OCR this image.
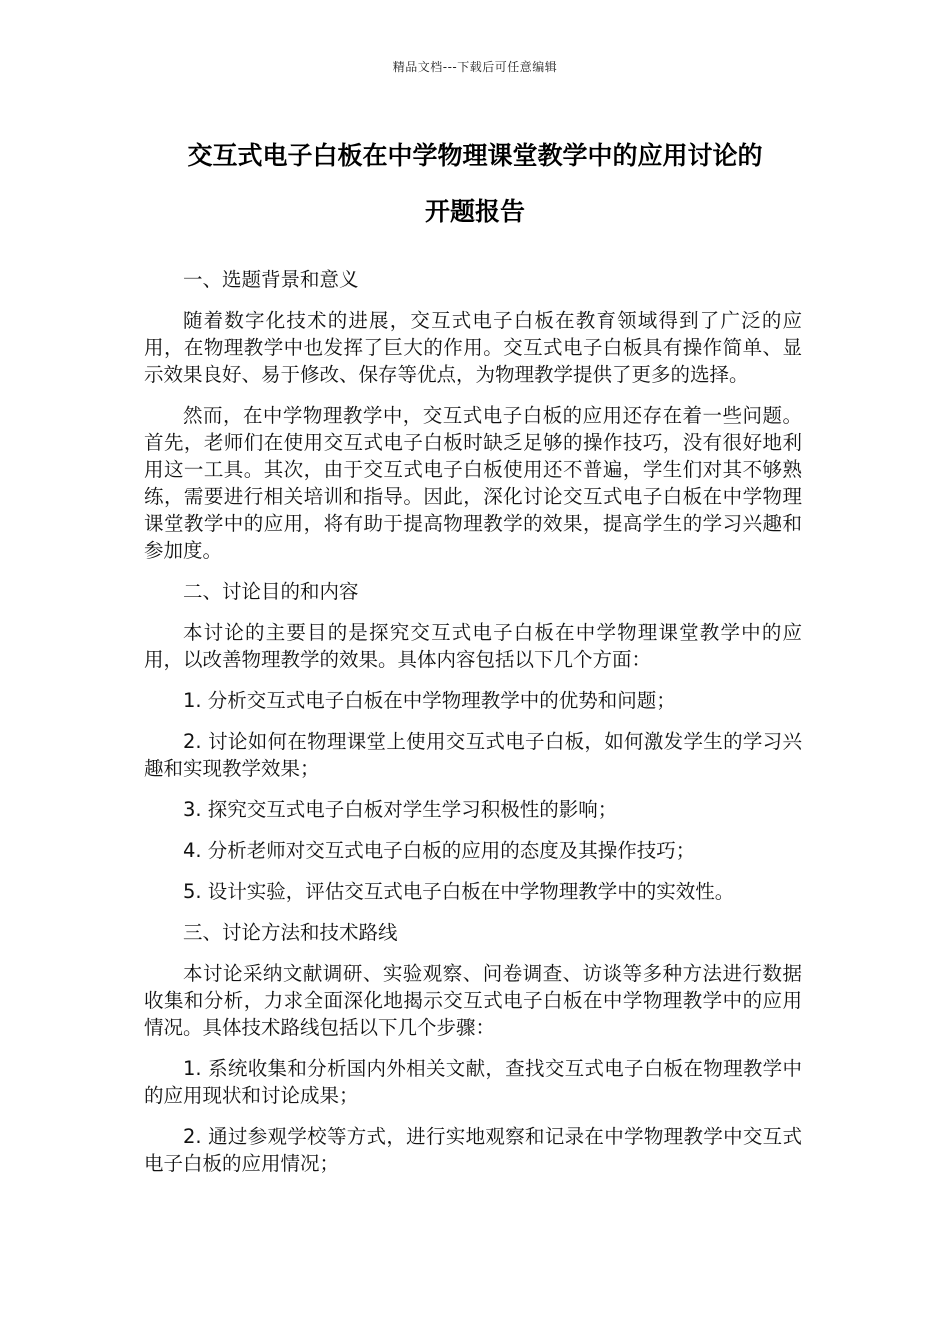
精品文档---下载后可任意编辑
交互式电子白板在中学物理课堂教学中的应用讨论的
开题报告

一、选题背景和意义

随着数字化技术的进展，交互式电子白板在教育领域得到了广泛的应用，在物理教学中也发挥了巨大的作用。交互式电子白板具有操作简单、显示效果良好、易于修改、保存等优点，为物理教学提供了更多的选择。

然而，在中学物理教学中，交互式电子白板的应用还存在着一些问题。首先，老师们在使用交互式电子白板时缺乏足够的操作技巧，没有很好地利用这一工具。其次，由于交互式电子白板使用还不普遍，学生们对其不够熟练，需要进行相关培训和指导。因此，深化讨论交互式电子白板在中学物理课堂教学中的应用，将有助于提高物理教学的效果，提高学生的学习兴趣和参加度。

二、讨论目的和内容

本讨论的主要目的是探究交互式电子白板在中学物理课堂教学中的应用，以改善物理教学的效果。具体内容包括以下几个方面：

1. 分析交互式电子白板在中学物理教学中的优势和问题；

2. 讨论如何在物理课堂上使用交互式电子白板，如何激发学生的学习兴趣和实现教学效果；

3. 探究交互式电子白板对学生学习积极性的影响；

4. 分析老师对交互式电子白板的应用的态度及其操作技巧；

5. 设计实验，评估交互式电子白板在中学物理教学中的实效性。

三、讨论方法和技术路线

本讨论采纳文献调研、实验观察、问卷调查、访谈等多种方法进行数据收集和分析，力求全面深化地揭示交互式电子白板在中学物理教学中的应用情况。具体技术路线包括以下几个步骤：

1. 系统收集和分析国内外相关文献，查找交互式电子白板在物理教学中的应用现状和讨论成果；

2. 通过参观学校等方式，进行实地观察和记录在中学物理教学中交互式电子白板的应用情况；
